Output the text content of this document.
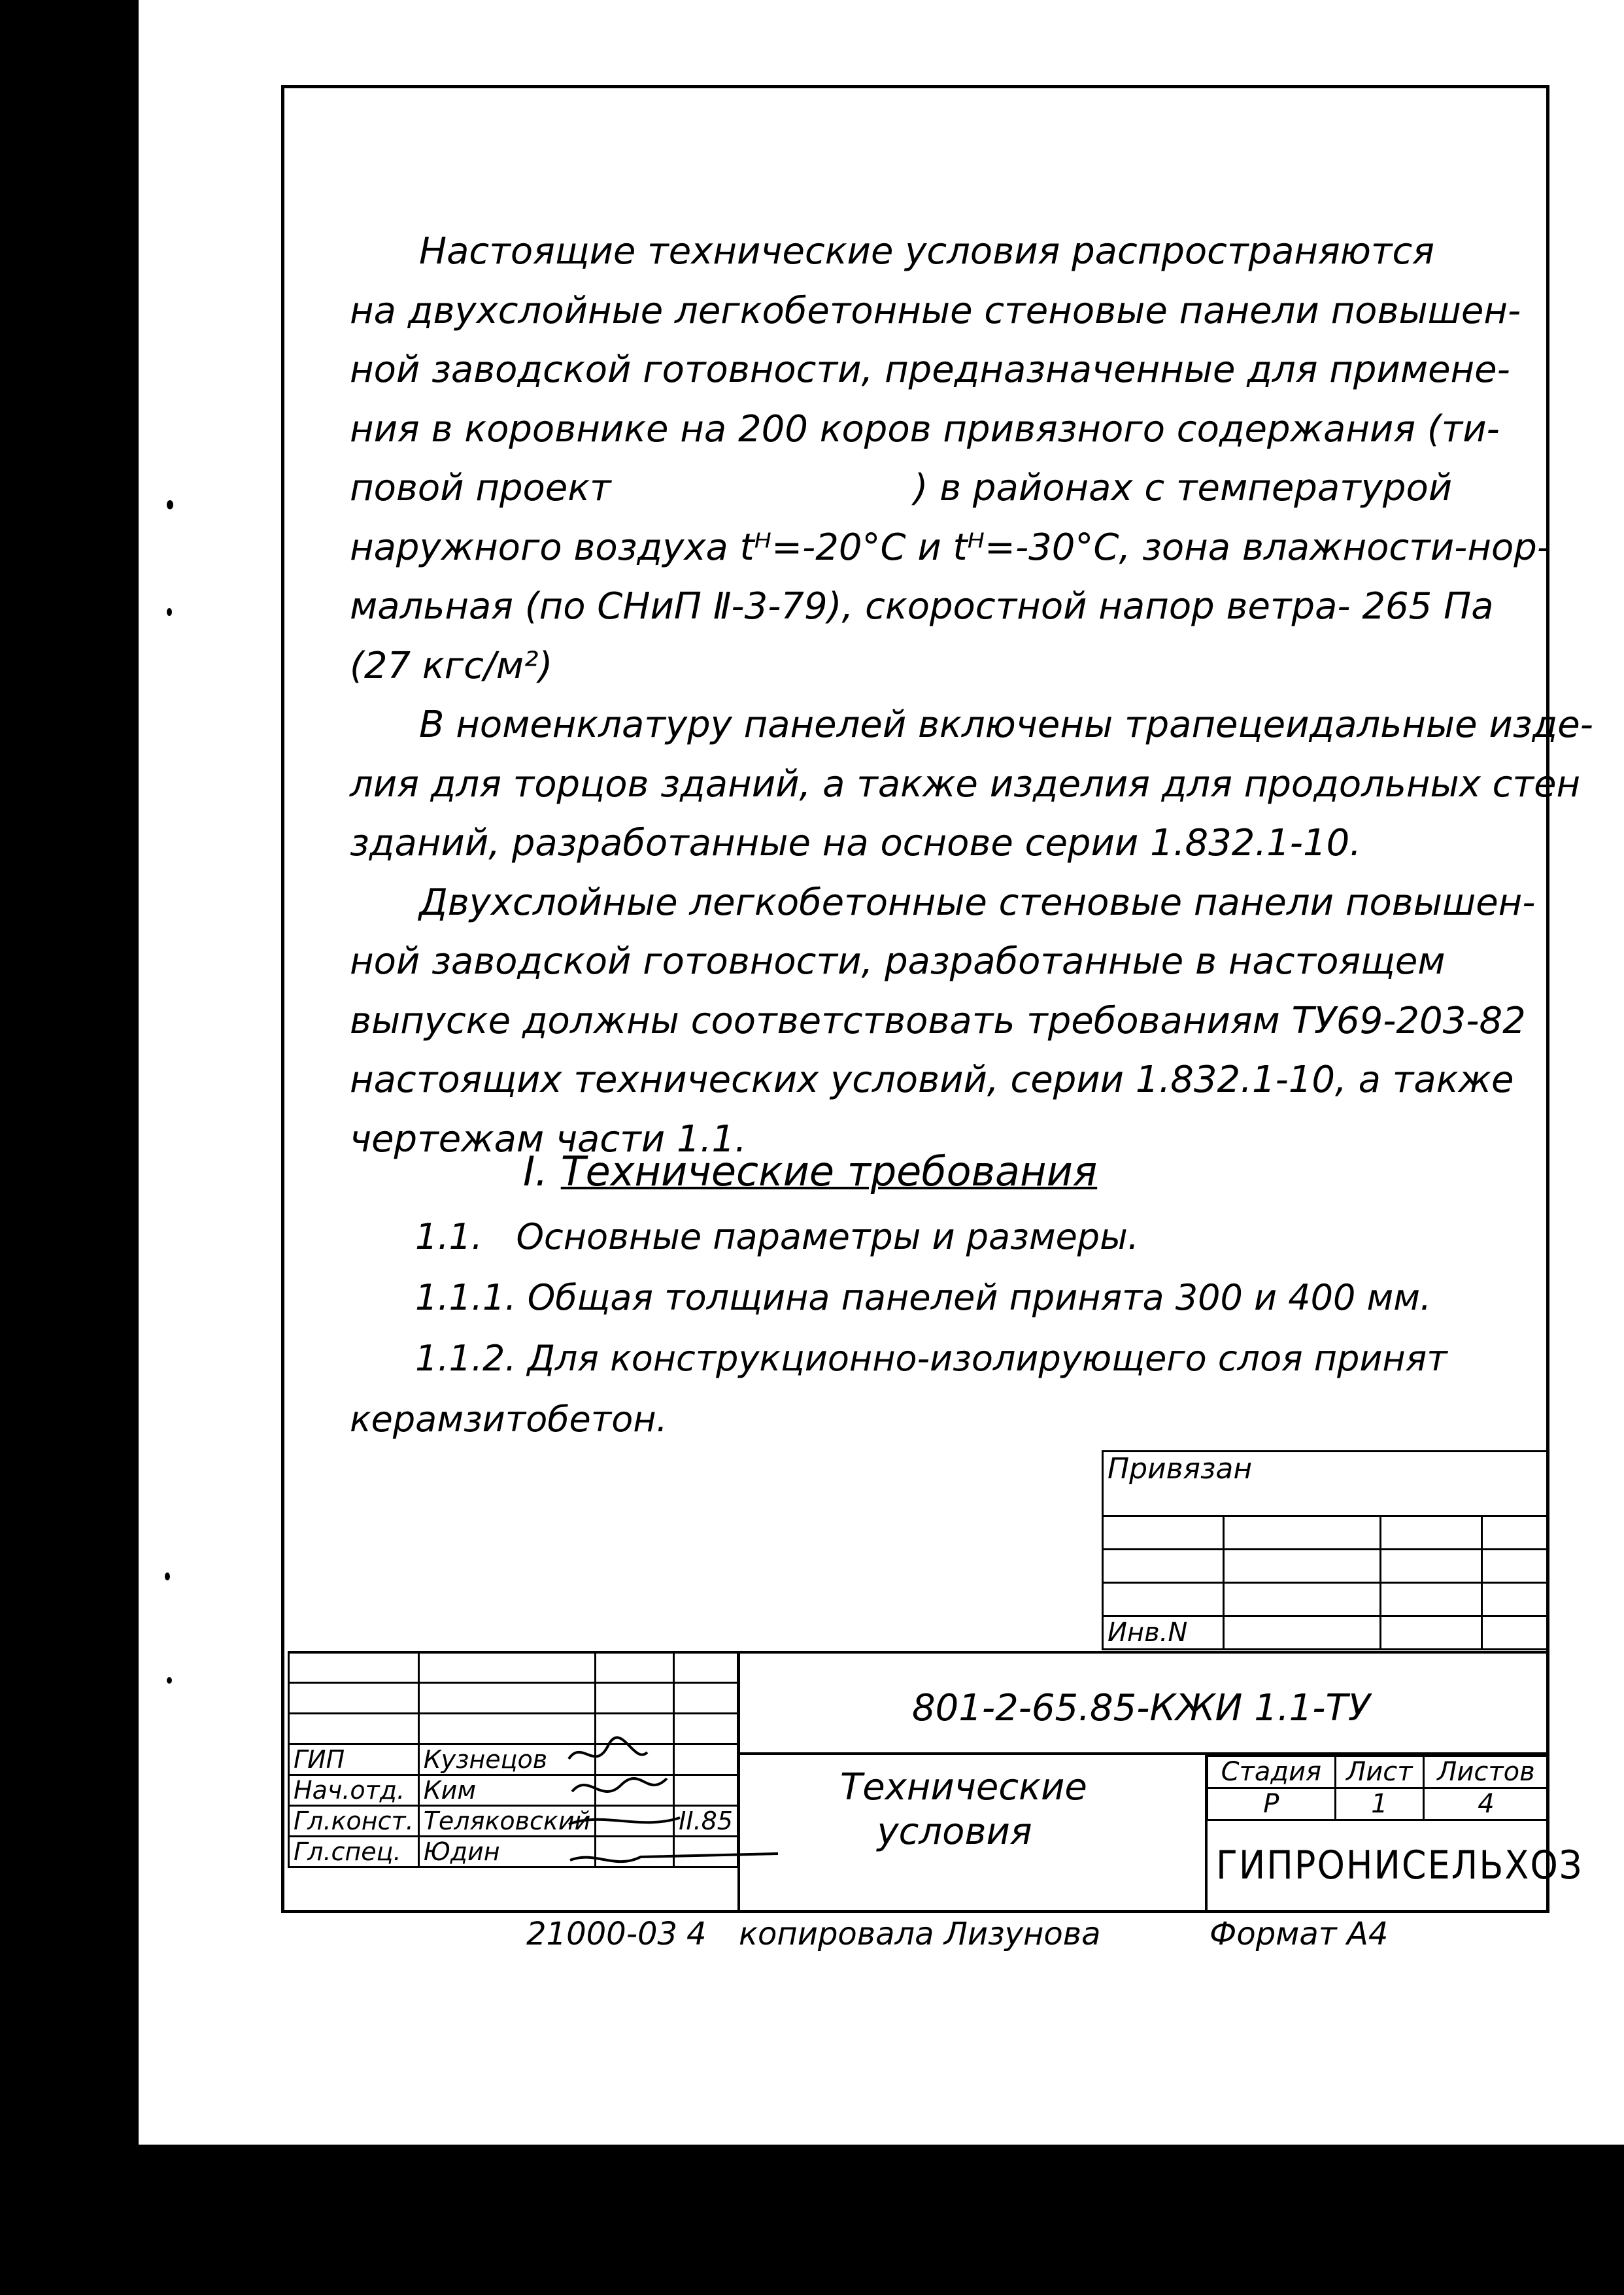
Настоящие технические условия распространяются
на двухслойные легкобетонные стеновые панели повышен-
ной заводской готовности, предназначенные для примене-
ния в коровнике на 200 коров привязного содержания (ти-
повой проект                          ) в районах с температурой
наружного воздуха tᴴ=-20°C и tᴴ=-30°C, зона влажности-нор-
мальная (по СНиП Ⅱ-3-79), скоростной напор ветра- 265 Па
(27 кгс/м²)
В номенклатуру панелей включены трапецеидальные изде-
лия для торцов зданий, а также изделия для продольных стен
зданий, разработанные на основе серии 1.832.1-10.
Двухслойные легкобетонные стеновые панели повышен-
ной заводской готовности, разработанные в настоящем
выпуске должны соответствовать требованиям ТУ69-203-82
настоящих технических условий, серии 1.832.1-10, а также
чертежам части 1.1.
I. Технические требования
1.1.   Основные параметры и размеры.
1.1.1. Общая толщина панелей принята 300 и 400 мм.
1.1.2. Для конструкционно-изолирующего слоя принят
керамзитобетон.
Привязан			

Инв.N			

ГИП	Кузнецов		
Нач.отд.	Ким		
Гл.конст.	Теляковский		II.85
Гл.спец.	Юдин		
801-2-65.85-КЖИ 1.1-ТУ
Технические
условия
Стадия	Лист	Листов
Р	1	4
ГИПРОНИСЕЛЬХОЗ
21000-03 4 копировала Лизунова	Формат А4
